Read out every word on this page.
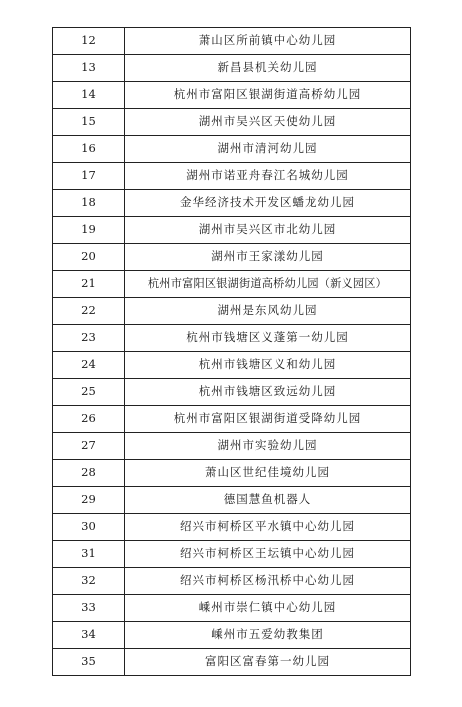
12	萧山区所前镇中心幼儿园
13	新昌县机关幼儿园
14	杭州市富阳区银湖街道高桥幼儿园
15	湖州市吴兴区天使幼儿园
16	湖州市清河幼儿园
17	湖州市诺亚舟春江名城幼儿园
18	金华经济技术开发区蟠龙幼儿园
19	湖州市吴兴区市北幼儿园
20	湖州市王家漾幼儿园
21	杭州市富阳区银湖街道高桥幼儿园（新义园区）
22	湖州是东风幼儿园
23	杭州市钱塘区义蓬第一幼儿园
24	杭州市钱塘区义和幼儿园
25	杭州市钱塘区致远幼儿园
26	杭州市富阳区银湖街道受降幼儿园
27	湖州市实验幼儿园
28	萧山区世纪佳境幼儿园
29	德国慧鱼机器人
30	绍兴市柯桥区平水镇中心幼儿园
31	绍兴市柯桥区王坛镇中心幼儿园
32	绍兴市柯桥区杨汛桥中心幼儿园
33	嵊州市崇仁镇中心幼儿园
34	嵊州市五爱幼教集团
35	富阳区富春第一幼儿园
